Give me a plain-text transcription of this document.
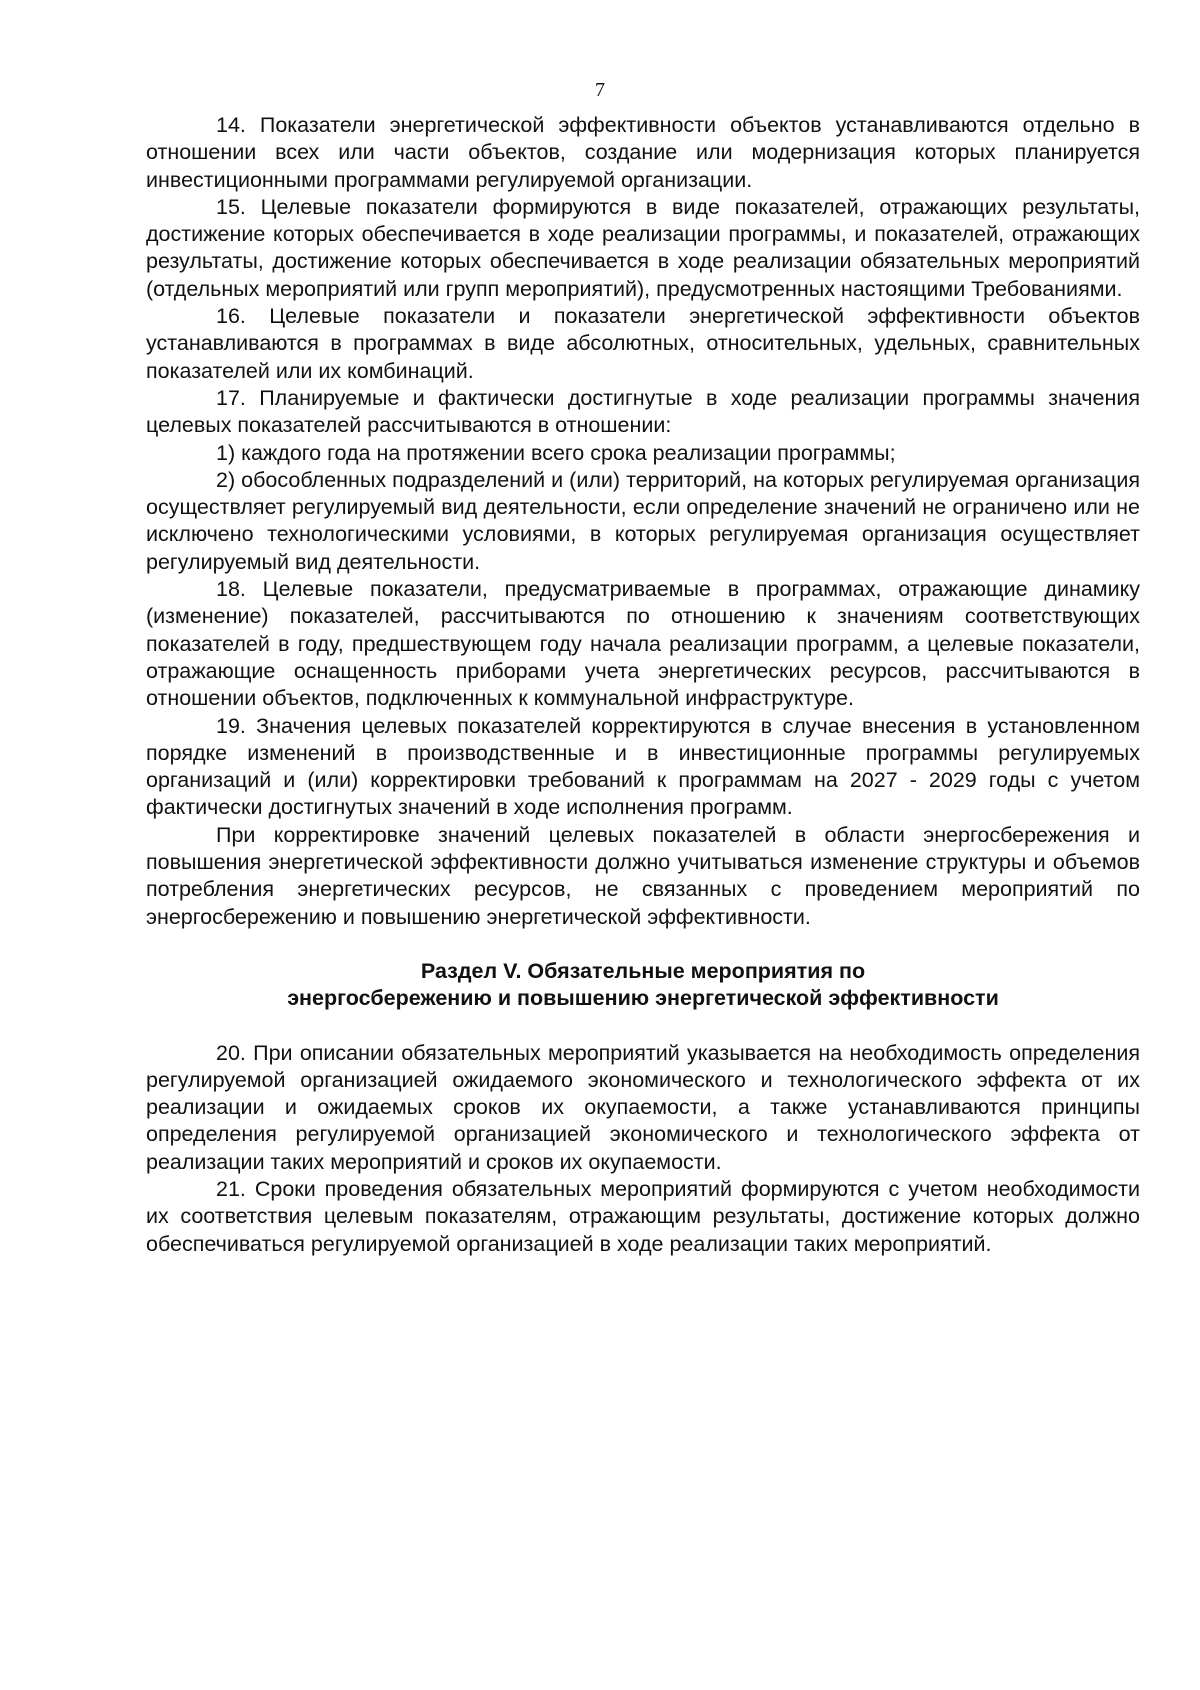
7

14. Показатели энергетической эффективности объектов устанавливаются отдельно в отношении всех или части объектов, создание или модернизация которых планируется инвестиционными программами регулируемой организации.

15. Целевые показатели формируются в виде показателей, отражающих результаты, достижение которых обеспечивается в ходе реализации программы, и показателей, отражающих результаты, достижение которых обеспечивается в ходе реализации обязательных мероприятий (отдельных мероприятий или групп мероприятий), предусмотренных настоящими Требованиями.

16. Целевые показатели и показатели энергетической эффективности объектов устанавливаются в программах в виде абсолютных, относительных, удельных, сравнительных показателей или их комбинаций.

17. Планируемые и фактически достигнутые в ходе реализации программы значения целевых показателей рассчитываются в отношении:

1) каждого года на протяжении всего срока реализации программы;

2) обособленных подразделений и (или) территорий, на которых регулируемая организация осуществляет регулируемый вид деятельности, если определение значений не ограничено или не исключено технологическими условиями, в которых регулируемая организация осуществляет регулируемый вид деятельности.

18. Целевые показатели, предусматриваемые в программах, отражающие динамику (изменение) показателей, рассчитываются по отношению к значениям соответствующих показателей в году, предшествующем году начала реализации программ, а целевые показатели, отражающие оснащенность приборами учета энергетических ресурсов, рассчитываются в отношении объектов, подключенных к коммунальной инфраструктуре.

19. Значения целевых показателей корректируются в случае внесения в установленном порядке изменений в производственные и в инвестиционные программы регулируемых организаций и (или) корректировки требований к программам на 2027 - 2029 годы с учетом фактически достигнутых значений в ходе исполнения программ.

При корректировке значений целевых показателей в области энергосбережения и повышения энергетической эффективности должно учитываться изменение структуры и объемов потребления энергетических ресурсов, не связанных с проведением мероприятий по энергосбережению и повышению энергетической эффективности.

Раздел V. Обязательные мероприятия по
энергосбережению и повышению энергетической эффективности

20. При описании обязательных мероприятий указывается на необходимость определения регулируемой организацией ожидаемого экономического и технологического эффекта от их реализации и ожидаемых сроков их окупаемости, а также устанавливаются принципы определения регулируемой организацией экономического и технологического эффекта от реализации таких мероприятий и сроков их окупаемости.

21. Сроки проведения обязательных мероприятий формируются с учетом необходимости их соответствия целевым показателям, отражающим результаты, достижение которых должно обеспечиваться регулируемой организацией в ходе реализации таких мероприятий.
